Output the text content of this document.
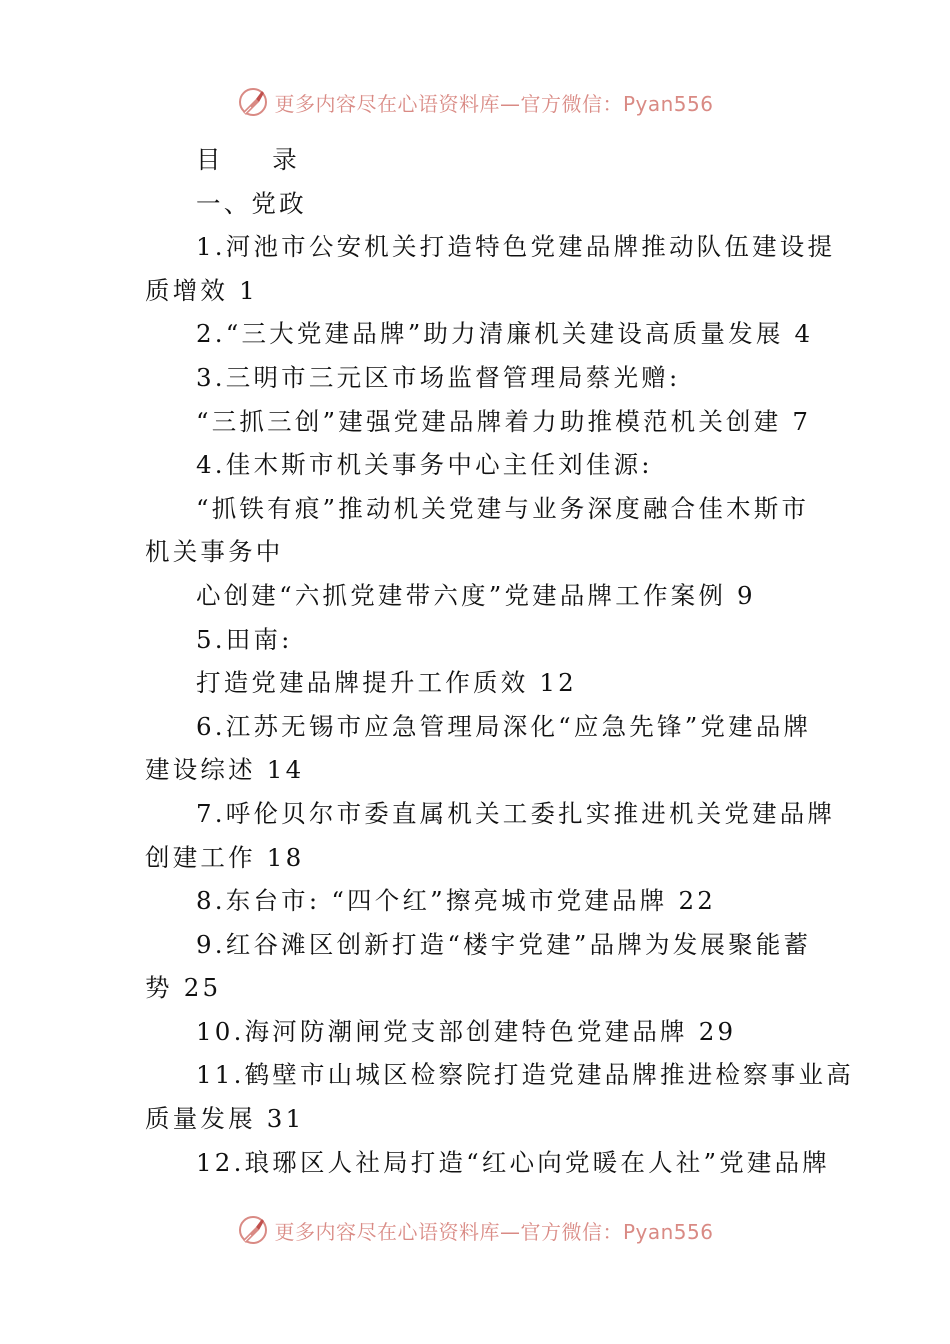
更多内容尽在心语资料库—官方微信：Pyan556
目 录
一、党政
1.河池市公安机关打造特色党建品牌推动队伍建设提
质增效 1
2.“三大党建品牌”助力清廉机关建设高质量发展 4
3.三明市三元区市场监督管理局蔡光赠:
“三抓三创”建强党建品牌着力助推模范机关创建 7
4.佳木斯市机关事务中心主任刘佳源:
“抓铁有痕”推动机关党建与业务深度融合佳木斯市
机关事务中
心创建“六抓党建带六度”党建品牌工作案例 9
5.田南:
打造党建品牌提升工作质效 12
6.江苏无锡市应急管理局深化“应急先锋”党建品牌
建设综述 14
7.呼伦贝尔市委直属机关工委扎实推进机关党建品牌
创建工作 18
8.东台市: “四个红”擦亮城市党建品牌 22
9.红谷滩区创新打造“楼宇党建”品牌为发展聚能蓄
势 25
10.海河防潮闸党支部创建特色党建品牌 29
11.鹤壁市山城区检察院打造党建品牌推进检察事业高
质量发展 31
12.琅琊区人社局打造“红心向党暖在人社”党建品牌
更多内容尽在心语资料库—官方微信：Pyan556
